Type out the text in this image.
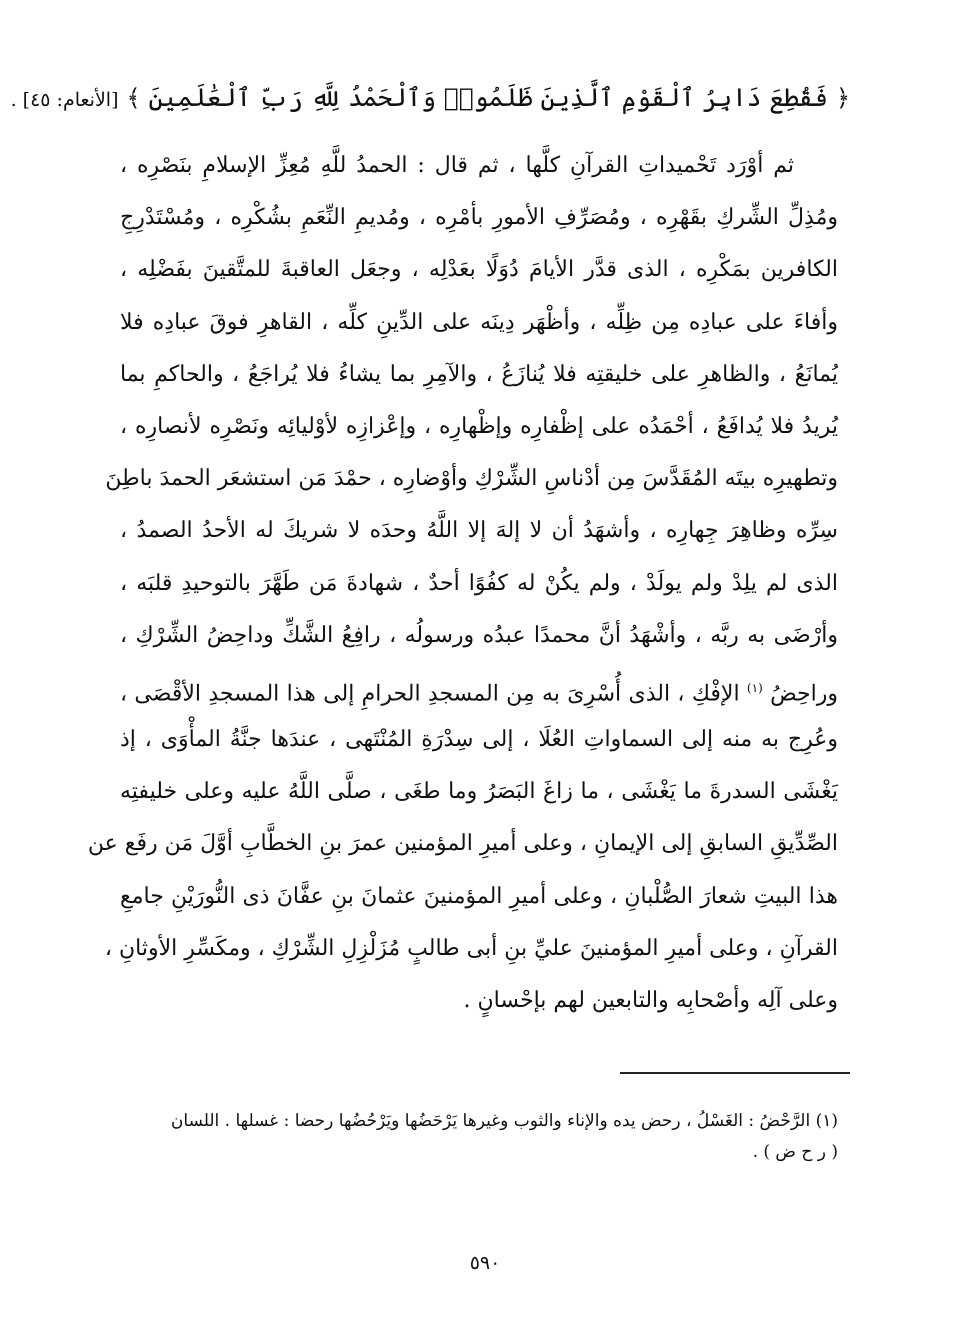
﴿ فَقُطِعَ دَابِرُ ٱلْقَوْمِ ٱلَّذِينَ ظَلَمُوا۟ وَٱلْحَمْدُ لِلَّهِ رَبِّ ٱلْعَٰلَمِينَ ﴾ [الأنعام: ٤٥] .
ثم أوْرَد تَحْميداتِ القرآنِ كلَّها ، ثم قال : الحمدُ للَّهِ مُعِزِّ الإسلامِ بنَصْرِه ،
ومُذِلِّ الشِّركِ بقَهْرِه ، ومُصَرِّفِ الأمورِ بأمْرِه ، ومُديمِ النِّعَمِ بشُكْرِه ، ومُسْتَدْرِجِ
الكافرين بمَكْرِه ، الذى قدَّر الأيامَ دُوَلًا بعَدْلِه ، وجعَل العاقبةَ للمتَّقينَ بفَضْلِه ،
وأفاءَ على عبادِه مِن ظِلِّه ، وأظْهَر دِينَه على الدِّينِ كلِّه ، القاهرِ فوقَ عبادِه فلا
يُمانَعُ ، والظاهرِ على خليقتِه فلا يُنازَعُ ، والآمِرِ بما يشاءُ فلا يُراجَعُ ، والحاكمِ بما
يُريدُ فلا يُدافَعُ ، أحْمَدُه على إظْفارِه وإظْهارِه ، وإعْزازِه لأوْليائِه ونَصْرِه لأنصارِه ،
وتطهيرِه بيتَه المُقَدَّسَ مِن أدْناسِ الشِّرْكِ وأوْضارِه ، حمْدَ مَن استشعَر الحمدَ باطِنَ
سِرِّه وظاهِرَ جِهارِه ، وأشهَدُ أن لا إلهَ إلا اللَّهُ وحدَه لا شريكَ له الأحدُ الصمدُ ،
الذى لم يلِدْ ولم يولَدْ ، ولم يكُنْ له كفُوًا أحدٌ ، شهادةَ مَن طَهَّرَ بالتوحيدِ قلبَه ،
وأرْضَى به ربَّه ، وأشْهَدُ أنَّ محمدًا عبدُه ورسولُه ، رافِعُ الشَّكِّ وداحِضُ الشِّرْكِ ،
وراحِضُ $^{(١)}$ الإفْكِ ، الذى أُسْرِىَ به مِن المسجدِ الحرامِ إلى هذا المسجدِ الأقْصَى ،
وعُرِج به منه إلى السماواتِ العُلَا ، إلى سِدْرَةِ المُنْتَهى ، عندَها جنَّةُ المأْوَى ، إذ
يَغْشَى السدرةَ ما يَغْشَى ، ما زاغَ البَصَرُ وما طغَى ، صلَّى اللَّهُ عليه وعلى خليفتِه
الصِّدِّيقِ السابقِ إلى الإيمانِ ، وعلى أميرِ المؤمنين عمرَ بنِ الخطَّابِ أوَّلَ مَن رفَع عن
هذا البيتِ شعارَ الصُّلْبانِ ، وعلى أميرِ المؤمنينَ عثمانَ بنِ عفَّانَ ذى النُّورَيْنِ جامعِ
القرآنِ ، وعلى أميرِ المؤمنينَ عليِّ بنِ أبى طالبٍ مُزَلْزِلِ الشِّرْكِ ، ومكَسِّرِ الأوثانِ ،
وعلى آلِه وأصْحابِه والتابعين لهم بإحْسانٍ .
(١) الرَّحْضُ : الغَسْلُ ، رحض يده والإناء والثوب وغيرها يَرْحَضُها ويَرْحُضُها رحضا : غسلها . اللسان
( ر ح ض ) .
٥٩٠
